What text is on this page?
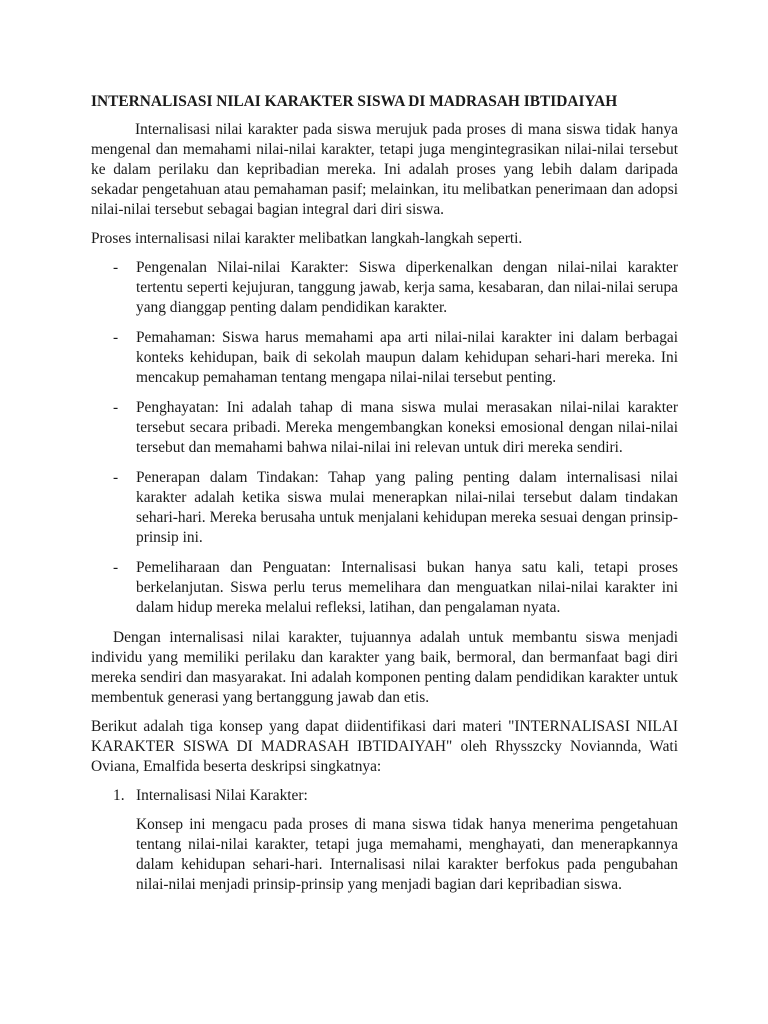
INTERNALISASI NILAI KARAKTER SISWA DI MADRASAH IBTIDAIYAH

Internalisasi nilai karakter pada siswa merujuk pada proses di mana siswa tidak hanya mengenal dan memahami nilai-nilai karakter, tetapi juga mengintegrasikan nilai-nilai tersebut ke dalam perilaku dan kepribadian mereka. Ini adalah proses yang lebih dalam daripada sekadar pengetahuan atau pemahaman pasif; melainkan, itu melibatkan penerimaan dan adopsi nilai-nilai tersebut sebagai bagian integral dari diri siswa.

Proses internalisasi nilai karakter melibatkan langkah-langkah seperti.

- Pengenalan Nilai-nilai Karakter: Siswa diperkenalkan dengan nilai-nilai karakter tertentu seperti kejujuran, tanggung jawab, kerja sama, kesabaran, dan nilai-nilai serupa yang dianggap penting dalam pendidikan karakter.
- Pemahaman: Siswa harus memahami apa arti nilai-nilai karakter ini dalam berbagai konteks kehidupan, baik di sekolah maupun dalam kehidupan sehari-hari mereka. Ini mencakup pemahaman tentang mengapa nilai-nilai tersebut penting.
- Penghayatan: Ini adalah tahap di mana siswa mulai merasakan nilai-nilai karakter tersebut secara pribadi. Mereka mengembangkan koneksi emosional dengan nilai-nilai tersebut dan memahami bahwa nilai-nilai ini relevan untuk diri mereka sendiri.
- Penerapan dalam Tindakan: Tahap yang paling penting dalam internalisasi nilai karakter adalah ketika siswa mulai menerapkan nilai-nilai tersebut dalam tindakan sehari-hari. Mereka berusaha untuk menjalani kehidupan mereka sesuai dengan prinsip-prinsip ini.
- Pemeliharaan dan Penguatan: Internalisasi bukan hanya satu kali, tetapi proses berkelanjutan. Siswa perlu terus memelihara dan menguatkan nilai-nilai karakter ini dalam hidup mereka melalui refleksi, latihan, dan pengalaman nyata.

Dengan internalisasi nilai karakter, tujuannya adalah untuk membantu siswa menjadi individu yang memiliki perilaku dan karakter yang baik, bermoral, dan bermanfaat bagi diri mereka sendiri dan masyarakat. Ini adalah komponen penting dalam pendidikan karakter untuk membentuk generasi yang bertanggung jawab dan etis.

Berikut adalah tiga konsep yang dapat diidentifikasi dari materi "INTERNALISASI NILAI KARAKTER SISWA DI MADRASAH IBTIDAIYAH" oleh Rhysszcky Noviannda, Wati Oviana, Emalfida beserta deskripsi singkatnya:

1. Internalisasi Nilai Karakter:

Konsep ini mengacu pada proses di mana siswa tidak hanya menerima pengetahuan tentang nilai-nilai karakter, tetapi juga memahami, menghayati, dan menerapkannya dalam kehidupan sehari-hari. Internalisasi nilai karakter berfokus pada pengubahan nilai-nilai menjadi prinsip-prinsip yang menjadi bagian dari kepribadian siswa.
